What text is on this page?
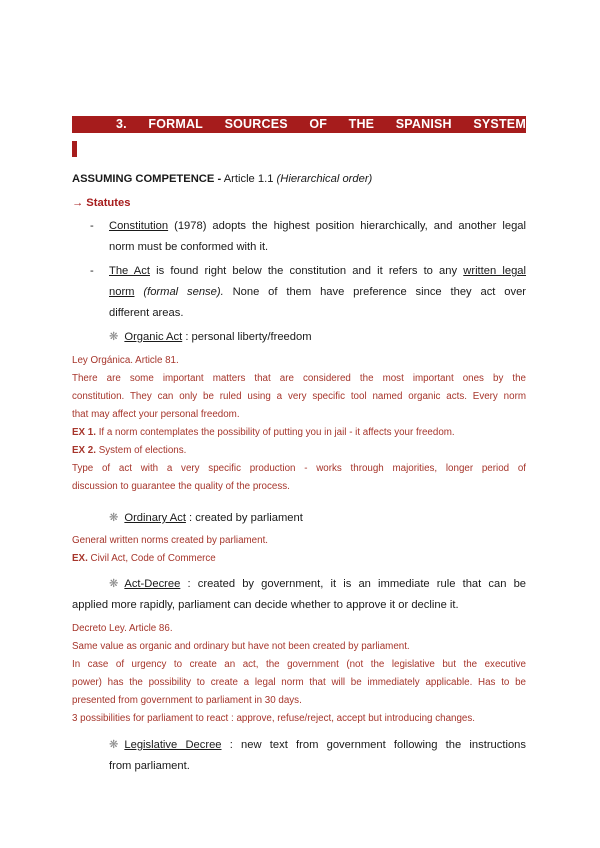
3. FORMAL SOURCES OF THE SPANISH SYSTEM
ASSUMING COMPETENCE - Article 1.1 (Hierarchical order)
→ Statutes
- Constitution (1978) adopts the highest position hierarchically, and another legal
norm must be conformed with it.
- The Act is found right below the constitution and it refers to any written legal
norm (formal sense). None of them have preference since they act over
different areas.
❋ Organic Act : personal liberty/freedom
Ley Orgánica. Article 81.
There are some important matters that are considered the most important ones by the
constitution. They can only be ruled using a very specific tool named organic acts. Every norm
that may affect your personal freedom.
EX 1. If a norm contemplates the possibility of putting you in jail - it affects your freedom.
EX 2. System of elections.
Type of act with a very specific production - works through majorities, longer period of
discussion to guarantee the quality of the process.
❋ Ordinary Act : created by parliament
General written norms created by parliament.
EX. Civil Act, Code of Commerce
❋ Act-Decree : created by government, it is an immediate rule that can be
applied more rapidly, parliament can decide whether to approve it or decline it.
Decreto Ley. Article 86.
Same value as organic and ordinary but have not been created by parliament.
In case of urgency to create an act, the government (not the legislative but the executive
power) has the possibility to create a legal norm that will be immediately applicable. Has to be
presented from government to parliament in 30 days.
3 possibilities for parliament to react : approve, refuse/reject, accept but introducing changes.
❋ Legislative Decree : new text from government following the instructions
from parliament.
